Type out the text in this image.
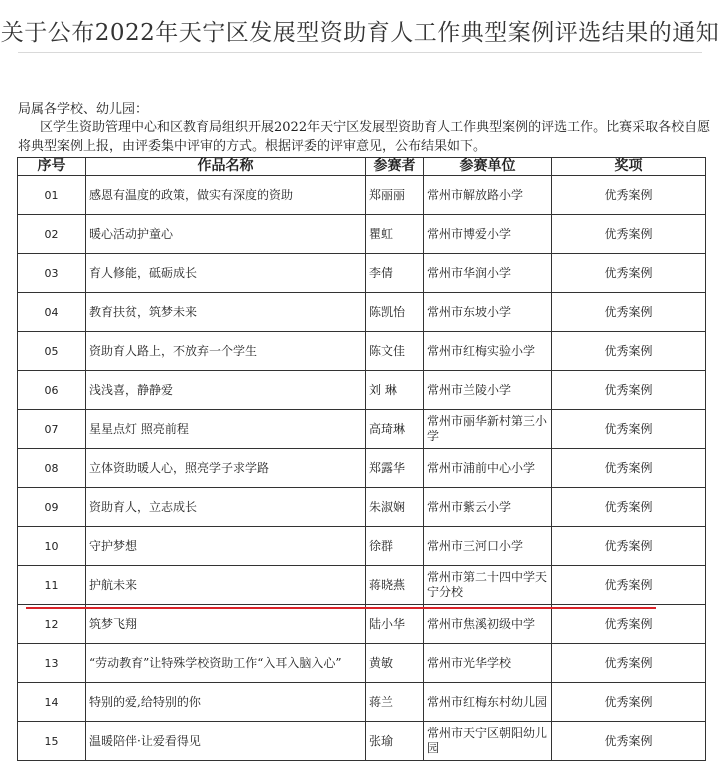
关于公布2022年天宁区发展型资助育人工作典型案例评选结果的通知
局属各学校、幼儿园：
区学生资助管理中心和区教育局组织开展2022年天宁区发展型资助育人工作典型案例的评选工作。比赛采取各校自愿将典型案例上报，由评委集中评审的方式。根据评委的评审意见，公布结果如下。
序号	作品名称	参赛者	参赛单位	奖项
01	感恩有温度的政策，做实有深度的资助	郑丽丽	常州市解放路小学	优秀案例
02	暖心活动护童心	瞿虹	常州市博爱小学	优秀案例
03	育人修能，砥砺成长	李倩	常州市华润小学	优秀案例
04	教育扶贫，筑梦未来	陈凯怡	常州市东坡小学	优秀案例
05	资助育人路上，不放弃一个学生	陈文佳	常州市红梅实验小学	优秀案例
06	浅浅喜，静静爱	刘 琳	常州市兰陵小学	优秀案例
07	星星点灯 照亮前程	高琦琳	常州市丽华新村第三小学	优秀案例
08	立体资助暖人心，照亮学子求学路	郑露华	常州市浦前中心小学	优秀案例
09	资助育人，立志成长	朱淑娴	常州市紫云小学	优秀案例
10	守护梦想	徐群	常州市三河口小学	优秀案例
11	护航未来	蒋晓燕	常州市第二十四中学天宁分校	优秀案例
12	筑梦飞翔	陆小华	常州市焦溪初级中学	优秀案例
13	“劳动教育”让特殊学校资助工作“入耳入脑入心”	黄敏	常州市光华学校	优秀案例
14	特别的爱,给特别的你	蒋兰	常州市红梅东村幼儿园	优秀案例
15	温暖陪伴·让爱看得见	张瑜	常州市天宁区朝阳幼儿园	优秀案例
